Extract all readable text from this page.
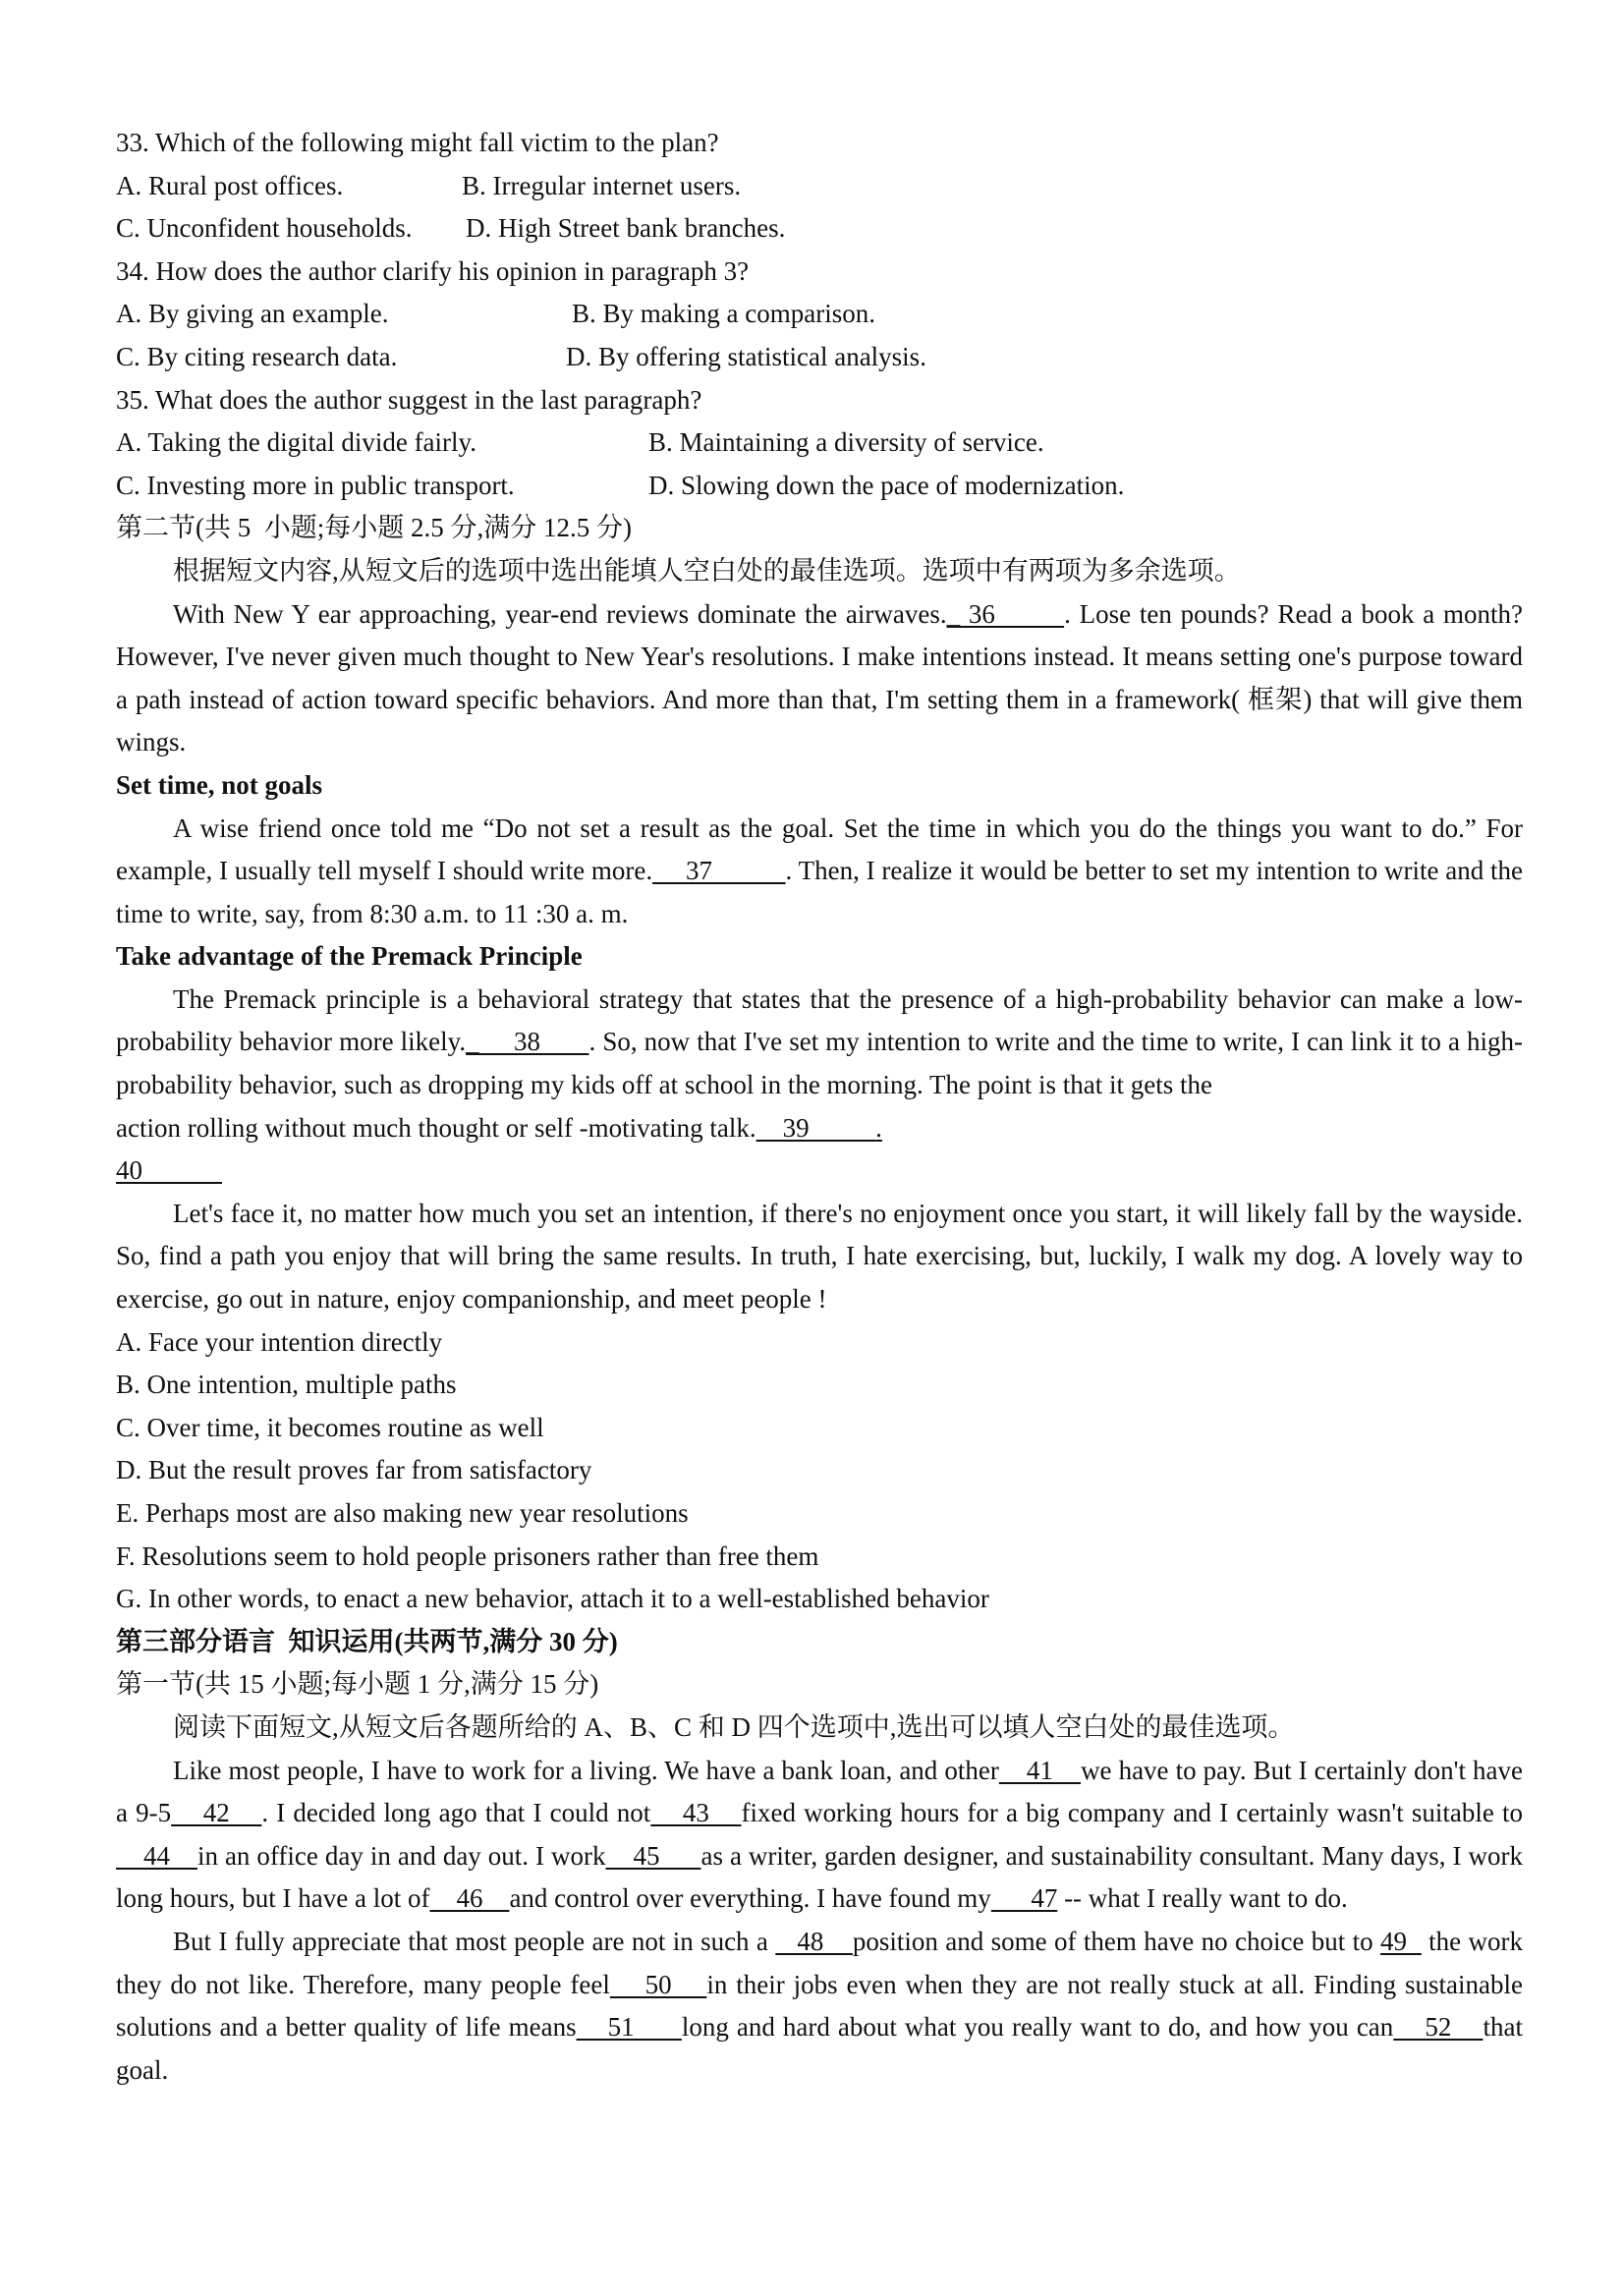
33. Which of the following might fall victim to the plan?

A. Rural post offices.

	B. Irregular internet users.

C. Unconfident households.

D. High Street bank branches.

34. How does the author clarify his opinion in paragraph 3?

A. By giving an example.

	B. By making a comparison.

C. By citing research data.

	D. By offering statistical analysis.

35. What does the author suggest in the last paragraph?

A. Taking the digital divide fairly.

	B. Maintaining a diversity of service.

C. Investing more in public transport.

	D. Slowing down the pace of modernization.

第二节(共 5  小题;每小题 2.5 分,满分 12.5 分)
根据短文内容,从短文后的选项中选出能填人空白处的最佳选项。选项中有两项为多余选项。

With New Y ear approaching, year-end reviews dominate the airwaves._ 36        . Lose ten pounds? Read a book a month? However, I've never given much thought to New Year's resolutions. I make intentions instead. It means setting one's purpose toward a path instead of action toward specific behaviors. And more than that, I'm setting them in a framework( 框架) that will give them wings.

Set time, not goals

A wise friend once told me “Do not set a result as the goal. Set the time in which you do the things you want to do.” For example, I usually tell myself I should write more.     37           . Then, I realize it would be better to set my intention to write and the time to write, say, from 8:30 a.m. to 11 :30 a. m.

Take advantage of the Premack Principle

The Premack principle is a behavioral strategy that states that the presence of a high-probability behavior can make a low-probability behavior more likely._     38       . So, now that I've set my intention to write and the time to write, I can link it to a high-probability behavior, such as dropping my kids off at school in the morning. The point is that it gets the

action rolling without much thought or self -motivating talk.    39          .
40

Let's face it, no matter how much you set an intention, if there's no enjoyment once you start, it will likely fall by the wayside. So, find a path you enjoy that will bring the same results. In truth, I hate exercising, but, luckily, I walk my dog. A lovely way to exercise, go out in nature, enjoy companionship, and meet people !

A. Face your intention directly
B. One intention, multiple paths
C. Over time, it becomes routine as well
D. But the result proves far from satisfactory
E. Perhaps most are also making new year resolutions
F. Resolutions seem to hold people prisoners rather than free them
G. In other words, to enact a new behavior, attach it to a well-established behavior
第三部分语言  知识运用(共两节,满分 30 分)
第一节(共 15 小题;每小题 1 分,满分 15 分)
阅读下面短文,从短文后各题所给的 A、B、C 和 D 四个选项中,选出可以填人空白处的最佳选项。

Like most people, I have to work for a living. We have a bank loan, and other    41    we have to pay. But I certainly don't have a 9-5    42    . I decided long ago that I could not    43    fixed working hours for a big company and I certainly wasn't suitable to    44    in an office day in and day out. I work    45      as a writer, garden designer, and sustainability consultant. Many days, I work long hours, but I have a lot of    46    and control over everything. I have found my      47 -- what I really want to do.

But I fully appreciate that most people are not in such a    48    position and some of them have no choice but to 49   the work they do not like. Therefore, many people feel    50    in their jobs even when they are not really stuck at all. Finding sustainable solutions and a better quality of life means    51      long and hard about what you really want to do, and how you can    52    that goal.
